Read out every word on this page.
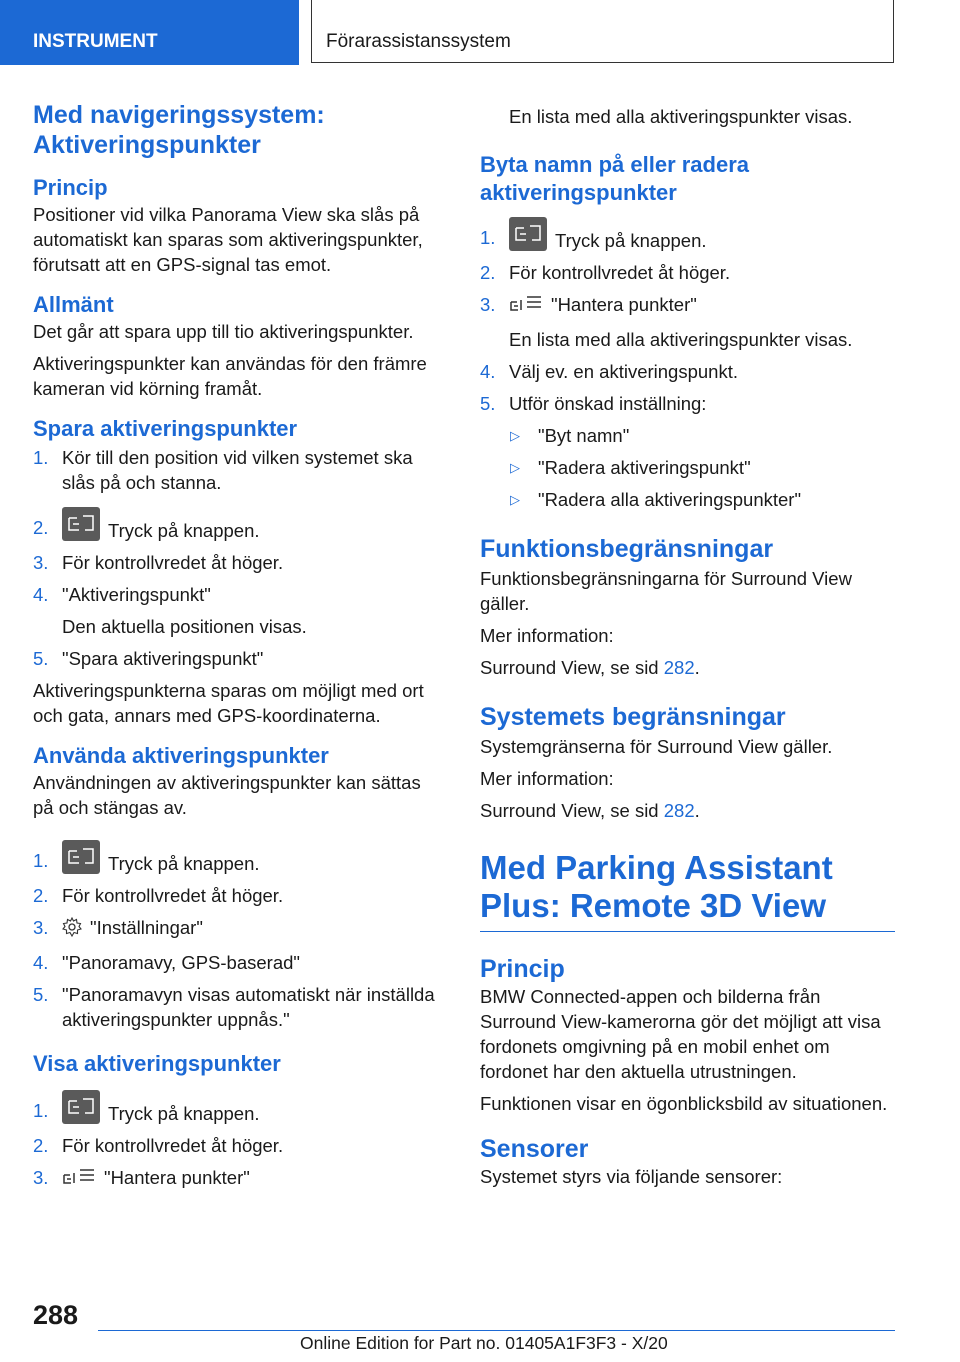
INSTRUMENT	Förarassistanssystem
Med navigeringssystem: Aktiveringspunkter
Princip

Positioner vid vilka Panorama View ska slås på automatiskt kan sparas som aktiveringspunkter, förutsatt att en GPS-signal tas emot.

Allmänt

Det går att spara upp till tio aktiveringspunkter.

Aktiveringspunkter kan användas för den främre kameran vid körning framåt.

Spara aktiveringspunkter
1. Kör till den position vid vilken systemet ska slås på och stanna.
2.	Tryck på knappen.
3. För kontrollvredet åt höger.
4. "Aktiveringspunkt"
Den aktuella positionen visas.
5. "Spara aktiveringspunkt"

Aktiveringspunkterna sparas om möjligt med ort och gata, annars med GPS-koordinaterna.

Använda aktiveringspunkter

Användningen av aktiveringspunkter kan sättas på och stängas av.

1.	Tryck på knappen.
2. För kontrollvredet åt höger.
3. "Inställningar"
4. "Panoramavy, GPS-baserad"
5. "Panoramavyn visas automatiskt när inställda aktiveringspunkter uppnås."
Visa aktiveringspunkter
1.	Tryck på knappen.
2. För kontrollvredet åt höger.
3.	"Hantera punkter"
En lista med alla aktiveringspunkter visas.
Byta namn på eller radera aktiveringspunkter
1.	Tryck på knappen.
2. För kontrollvredet åt höger.
3.	"Hantera punkter"
En lista med alla aktiveringspunkter visas.
4. Välj ev. en aktiveringspunkt.
5. Utför önskad inställning:
▷ "Byt namn"
▷ "Radera aktiveringspunkt"
▷ "Radera alla aktiveringspunkter"
Funktionsbegränsningar

Funktionsbegränsningarna för Surround View gäller.

Mer information:

Surround View, se sid 282.

Systemets begränsningar

Systemgränserna för Surround View gäller.

Mer information:

Surround View, se sid 282.

Med Parking Assistant Plus: Remote 3D View
Princip

BMW Connected-appen och bilderna från Surround View-kamerorna gör det möjligt att visa fordonets omgivning på en mobil enhet om fordonet har den aktuella utrustningen.

Funktionen visar en ögonblicksbild av situationen.

Sensorer

Systemet styrs via följande sensorer:

288
Online Edition for Part no. 01405A1F3F3 - X/20
